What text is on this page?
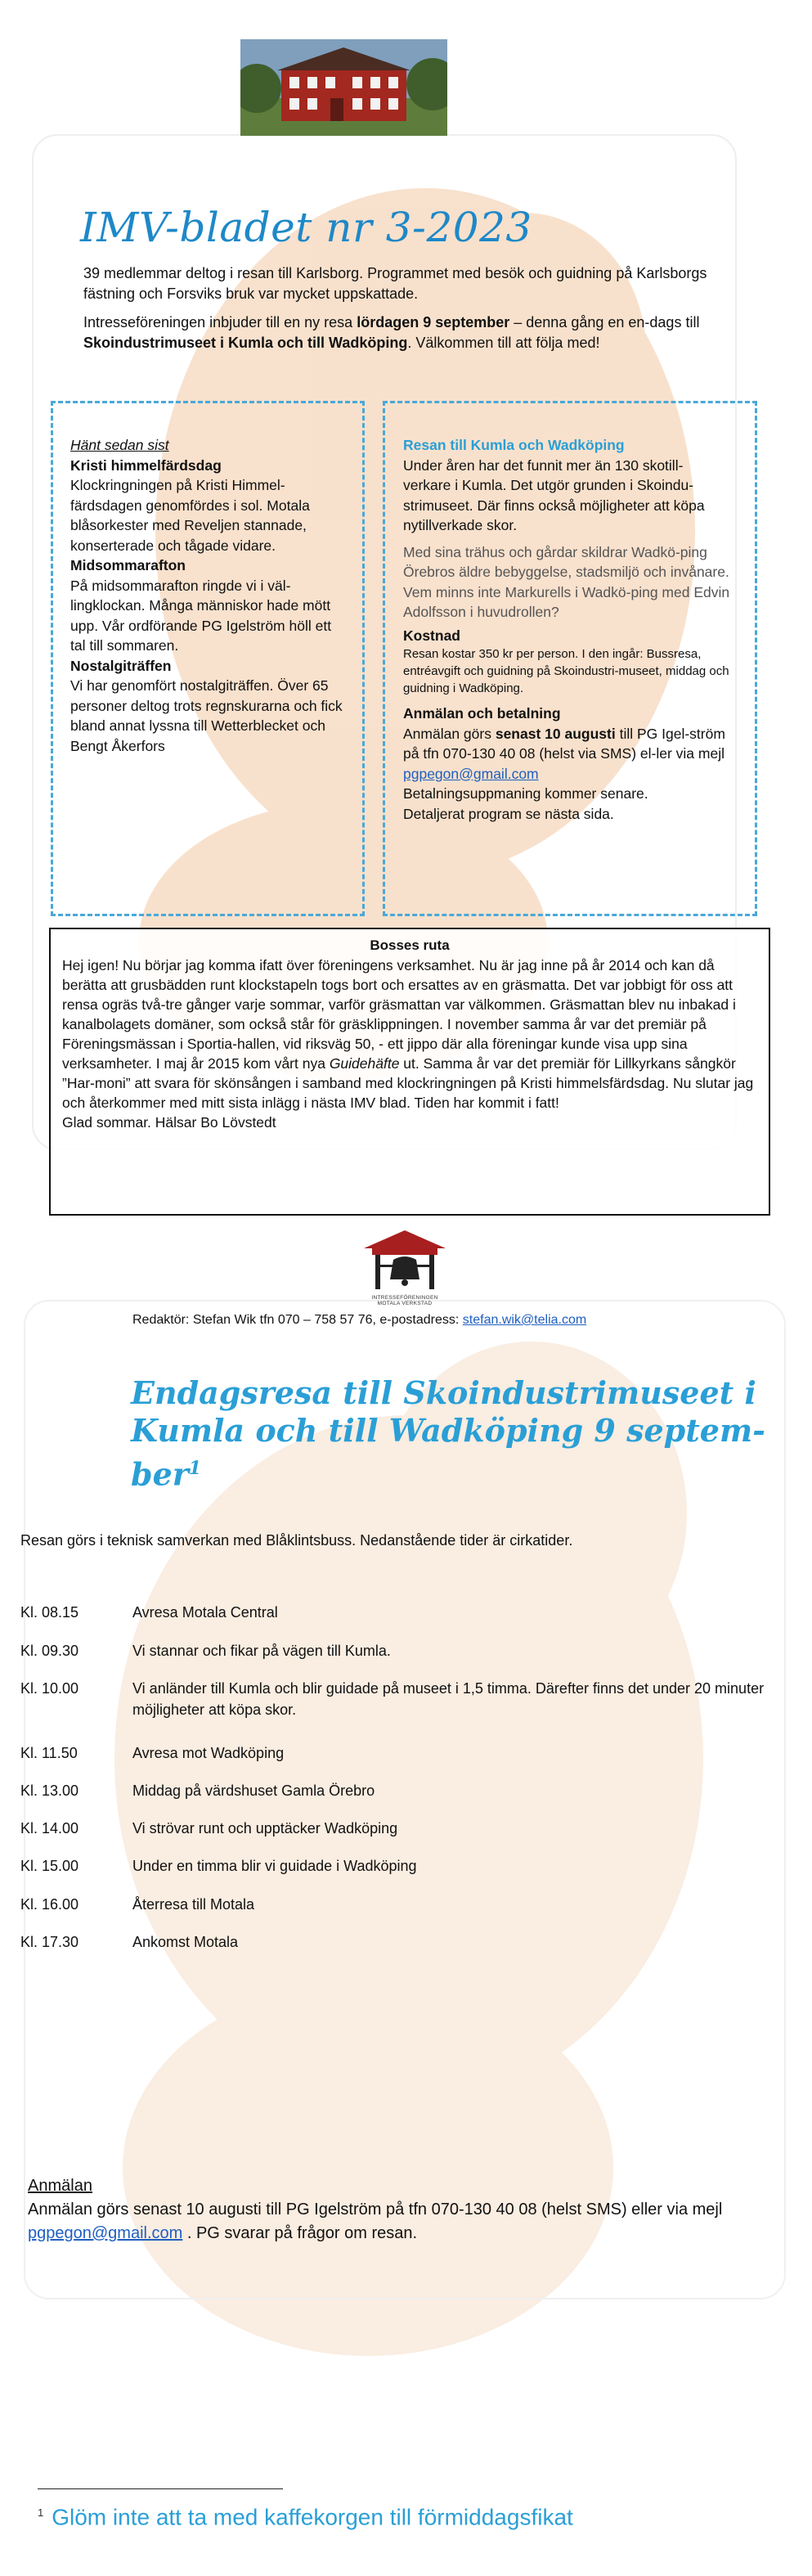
IMV-bladet nr 3-2023

39 medlemmar deltog i resan till Karlsborg. Programmet med besök och guidning på Karlsborgs fästning och Forsviks bruk var mycket uppskattade.

Intresseföreningen inbjuder till en ny resa lördagen 9 september – denna gång en en-dags till Skoindustrimuseet i Kumla och till Wadköping. Välkommen till att följa med!

Hänt sedan sist
Kristi himmelfärdsdag
Klockringningen på Kristi Himmel-färdsdagen genomfördes i sol. Motala blåsorkester med Reveljen stannade, konserterade och tågade vidare.
Midsommarafton
På midsommarafton ringde vi i väl-lingklockan. Många människor hade mött upp. Vår ordförande PG Igelström höll ett tal till sommaren.
Nostalgiträffen
Vi har genomfört nostalgiträffen. Över 65 personer deltog trots regnskurarna och fick bland annat lyssna till Wetterblecket och Bengt Åkerfors
Resan till Kumla och Wadköping
Under åren har det funnit mer än 130 skotill-verkare i Kumla. Det utgör grunden i Skoindu-strimuseet. Där finns också möjligheter att köpa nytillverkade skor.
Med sina trähus och gårdar skildrar Wadkö-ping Örebros äldre bebyggelse, stadsmiljö och invånare. Vem minns inte Markurells i Wadkö-ping med Edvin Adolfsson i huvudrollen?
Kostnad
Resan kostar 350 kr per person. I den ingår: Bussresa, entréavgift och guidning på Skoindustri-museet, middag och guidning i Wadköping.
Anmälan och betalning
Anmälan görs senast 10 augusti till PG Igel-ström på tfn 070-130 40 08 (helst via SMS) el-ler via mejl pgpegon@gmail.com
Betalningsuppmaning kommer senare.
Detaljerat program se nästa sida.
Bosses ruta
Hej igen! Nu börjar jag komma ifatt över föreningens verksamhet. Nu är jag inne på år 2014 och kan då berätta att grusbädden runt klockstapeln togs bort och ersattes av en gräsmatta. Det var jobbigt för oss att rensa ogräs två-tre gånger varje sommar, varför gräsmattan var välkommen. Gräsmattan blev nu inbakad i kanalbolagets domäner, som också står för gräsklippningen. I november samma år var det premiär på Föreningsmässan i Sportia-hallen, vid riksväg 50, - ett jippo där alla föreningar kunde visa upp sina verksamheter. I maj år 2015 kom vårt nya Guidehäfte ut. Samma år var det premiär för Lillkyrkans sångkör ”Har-moni” att svara för skönsången i samband med klockringningen på Kristi himmelsfärdsdag. Nu slutar jag och återkommer med mitt sista inlägg i nästa IMV blad. Tiden har kommit i fatt!
Glad sommar. Hälsar Bo Lövstedt
INTRESSEFÖRENINGEN
MOTALA VERKSTAD
Redaktör: Stefan Wik tfn 070 – 758 57 76, e-postadress: stefan.wik@telia.com
Endagsresa till Skoindustrimuseet i Kumla och till Wadköping 9 septem-ber$^1$
Resan görs i teknisk samverkan med Blåklintsbuss. Nedanstående tider är cirkatider.
Kl. 08.15	Avresa Motala Central
Kl. 09.30	Vi stannar och fikar på vägen till Kumla.
Kl. 10.00	Vi anländer till Kumla och blir guidade på museet i 1,5 timma. Därefter finns det under 20 minuter möjligheter att köpa skor.
Kl. 11.50	Avresa mot Wadköping
Kl. 13.00	Middag på värdshuset Gamla Örebro
Kl. 14.00	Vi strövar runt och upptäcker Wadköping
Kl. 15.00	Under en timma blir vi guidade i Wadköping
Kl. 16.00	Återresa till Motala
Kl. 17.30	Ankomst Motala
Anmälan
Anmälan görs senast 10 augusti till PG Igelström på tfn 070-130 40 08 (helst SMS) eller via mejl pgpegon@gmail.com . PG svarar på frågor om resan.
$^1$ Glöm inte att ta med kaffekorgen till förmiddagsfikat
